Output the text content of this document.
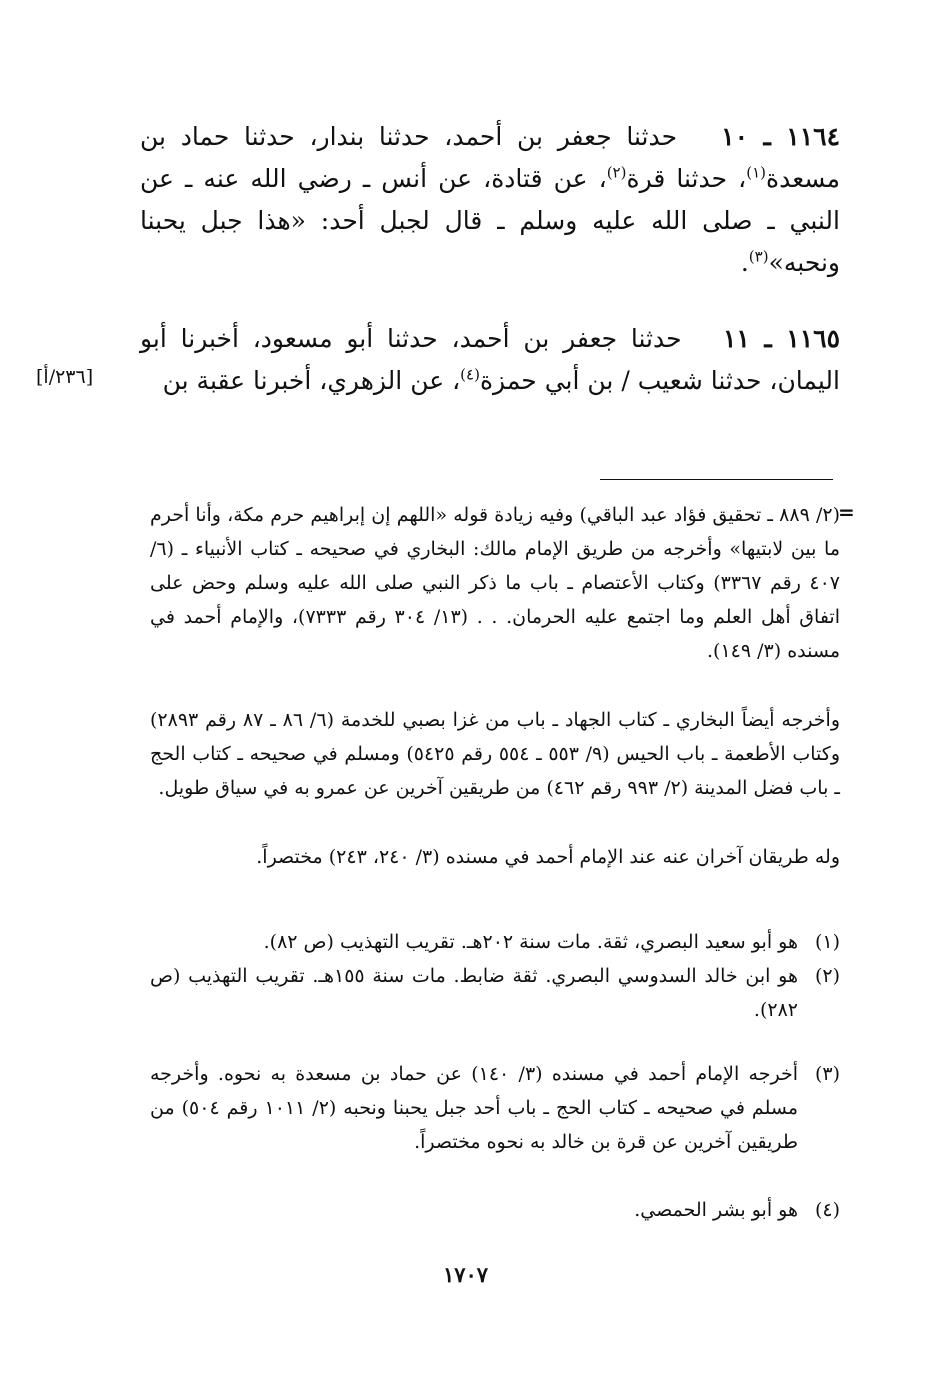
١١٦٤ ـ ١٠   حدثنا جعفر بن أحمد، حدثنا بندار، حدثنا حماد بن مسعدة$^{(١)}$، حدثنا قرة$^{(٢)}$، عن قتادة، عن أنس ـ رضي الله عنه ـ عن النبي ـ صلى الله عليه وسلم ـ قال لجبل أحد: «هذا جبل يحبنا ونحبه»$^{(٣)}$.

١١٦٥ ـ ١١   حدثنا جعفر بن أحمد، حدثنا أبو مسعود، أخبرنا أبو اليمان، حدثنا شعيب / بن أبي حمزة$^{(٤)}$، عن الزهري، أخبرنا عقبة بن

[٢٣٦/أ]
=

(٢/ ٨٨٩ ـ تحقيق فؤاد عبد الباقي) وفيه زيادة قوله «اللهم إن إبراهيم حرم مكة، وأنا أحرم ما بين لابتيها» وأخرجه من طريق الإمام مالك: البخاري في صحيحه ـ كتاب الأنبياء ـ (٦/ ٤٠٧ رقم ٣٣٦٧) وكتاب الأعتصام ـ باب ما ذكر النبي صلى الله عليه وسلم وحض على اتفاق أهل العلم وما اجتمع عليه الحرمان. . . (١٣/ ٣٠٤ رقم ٧٣٣٣)، والإمام أحمد في مسنده (٣/ ١٤٩).

وأخرجه أيضاً البخاري ـ كتاب الجهاد ـ باب من غزا بصبي للخدمة (٦/ ٨٦ ـ ٨٧ رقم ٢٨٩٣) وكتاب الأطعمة ـ باب الحيس (٩/ ٥٥٣ ـ ٥٥٤ رقم ٥٤٢٥) ومسلم في صحيحه ـ كتاب الحج ـ باب فضل المدينة (٢/ ٩٩٣ رقم ٤٦٢) من طريقين آخرين عن عمرو به في سياق طويل.

وله طريقان آخران عنه عند الإمام أحمد في مسنده (٣/ ٢٤٠، ٢٤٣) مختصراً.

(١)
هو أبو سعيد البصري، ثقة. مات سنة ٢٠٢هـ. تقريب التهذيب (ص ٨٢).
(٢)
هو ابن خالد السدوسي البصري. ثقة ضابط. مات سنة ١٥٥هـ. تقريب التهذيب (ص ٢٨٢).
(٣)
أخرجه الإمام أحمد في مسنده (٣/ ١٤٠) عن حماد بن مسعدة به نحوه. وأخرجه مسلم في صحيحه ـ كتاب الحج ـ باب أحد جبل يحبنا ونحبه (٢/ ١٠١١ رقم ٥٠٤) من طريقين آخرين عن قرة بن خالد به نحوه مختصراً.
(٤)
هو أبو بشر الحمصي.
١٧٠٧
